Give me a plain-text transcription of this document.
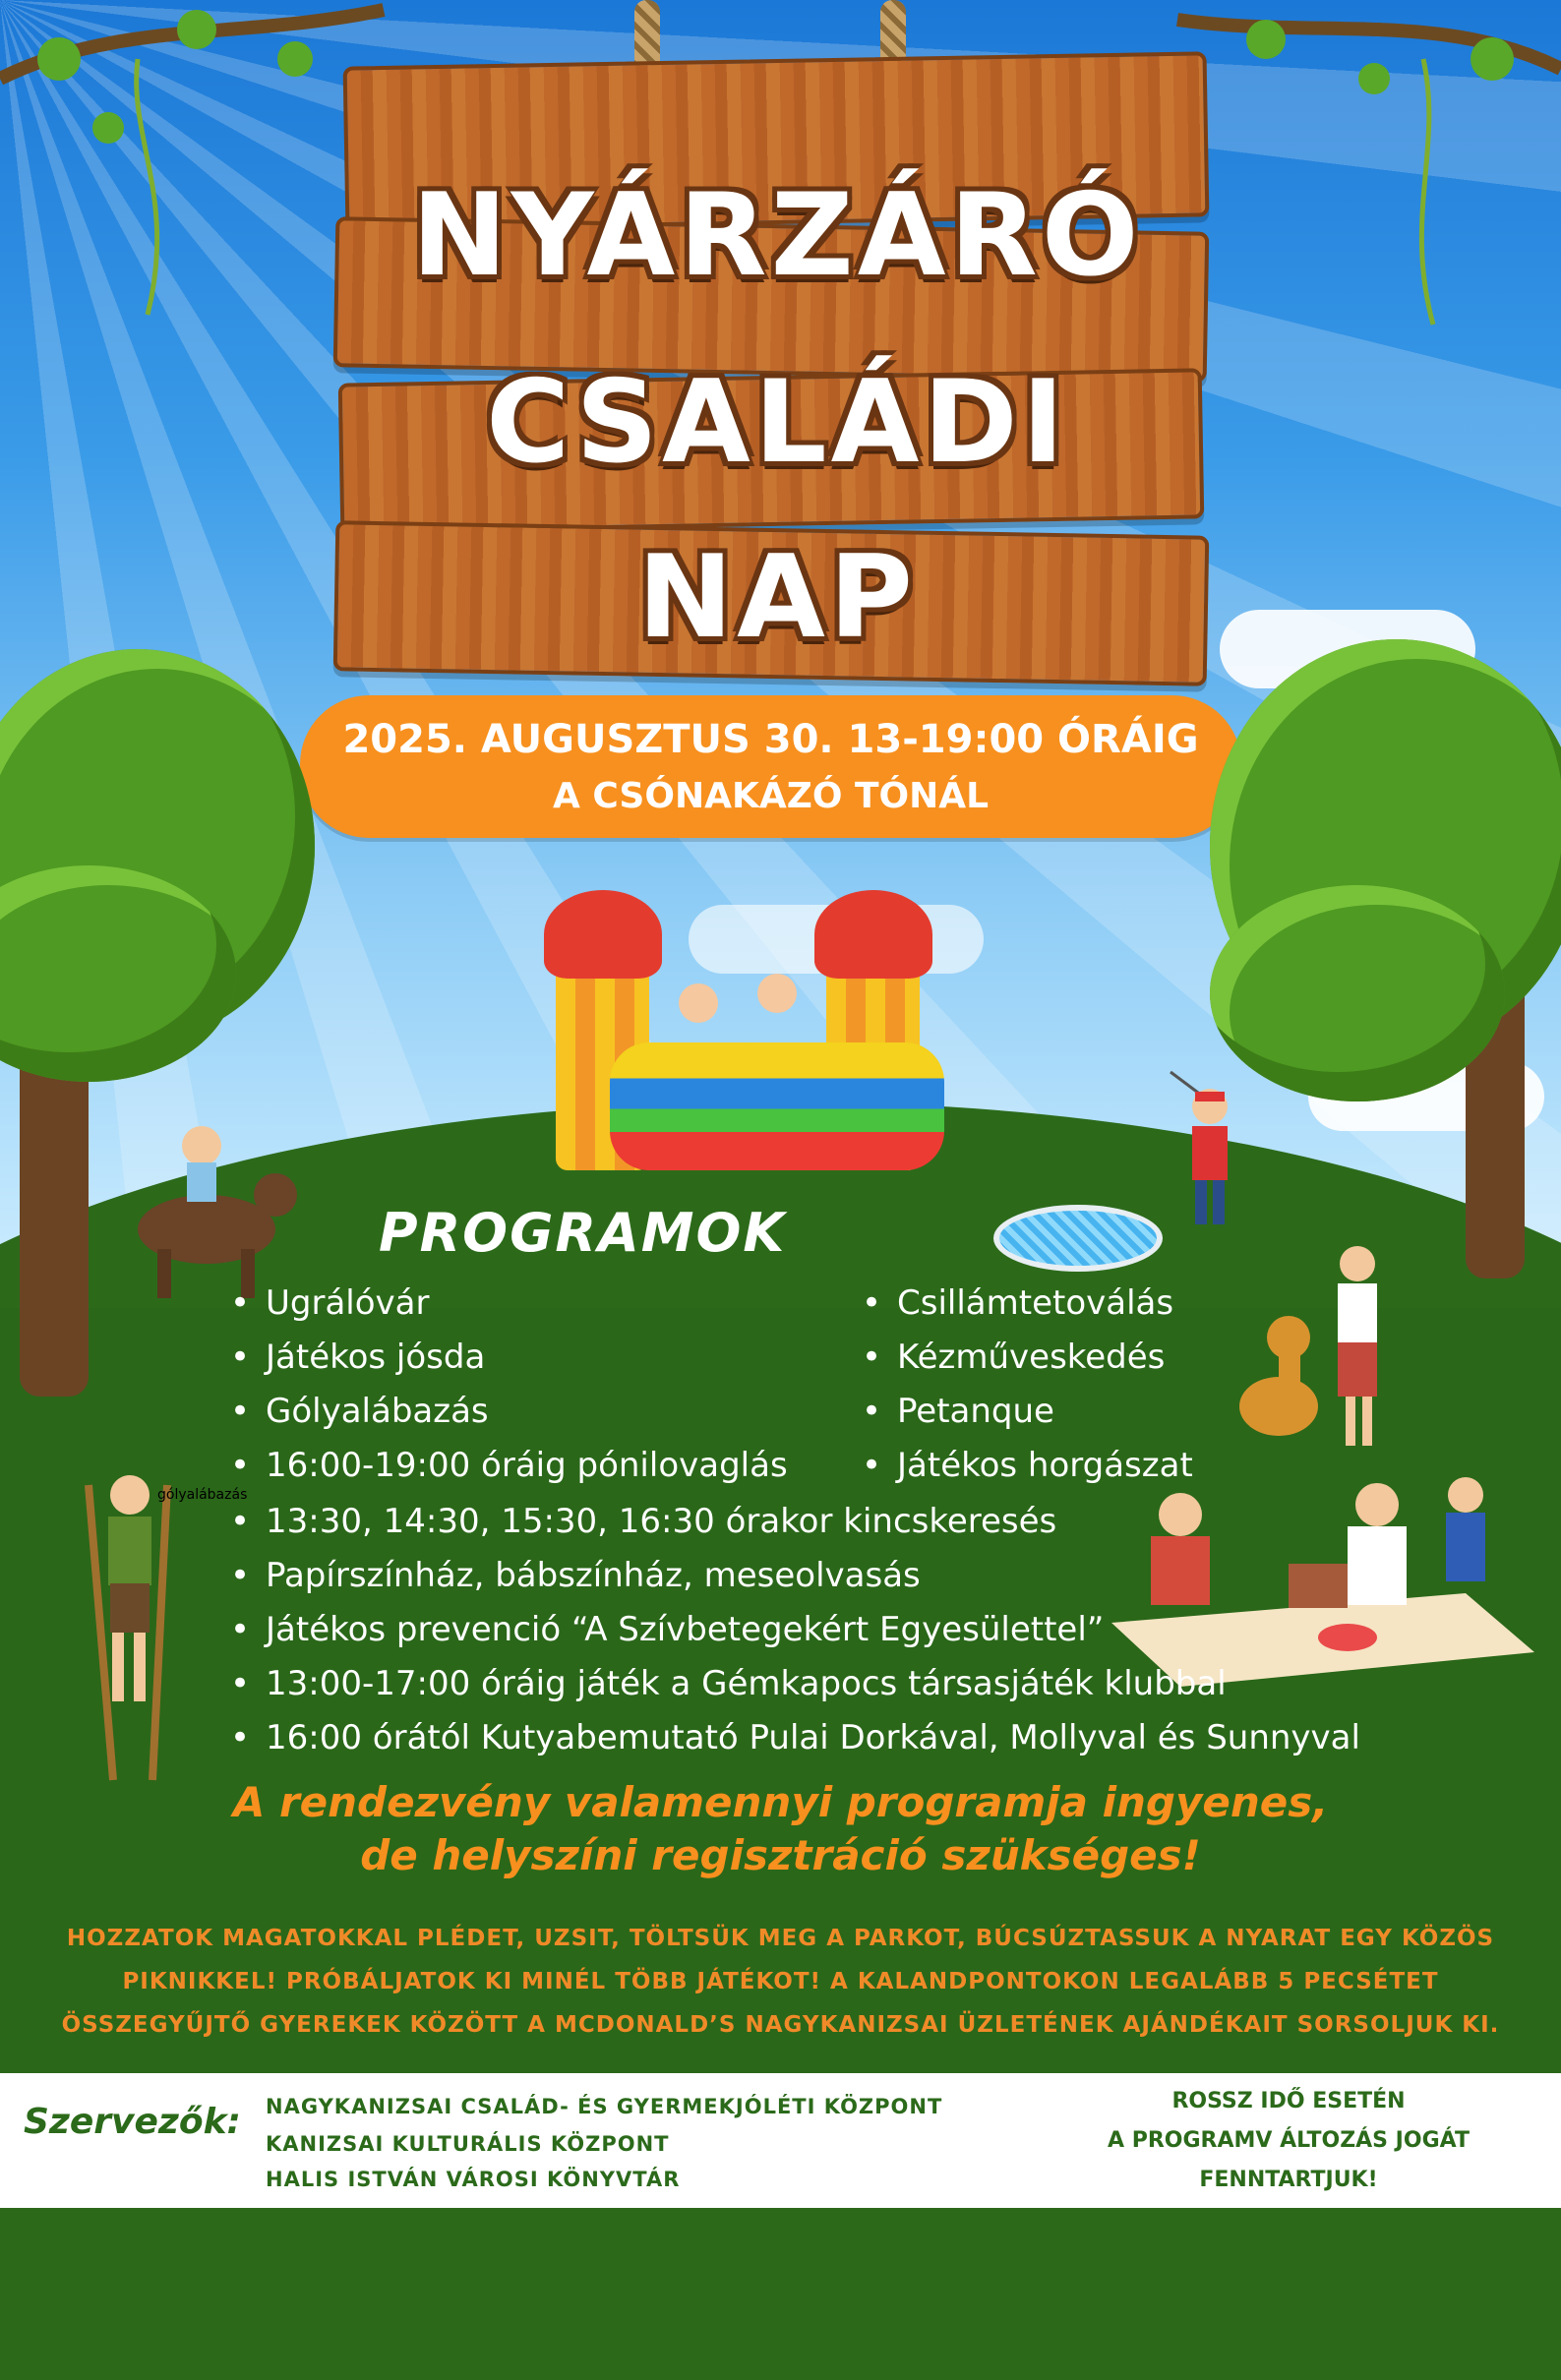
NYÁRZÁRÓ
CSALÁDI
NAP
2025. AUGUSZTUS 30. 13-19:00 ÓRÁIG
A CSÓNAKÁZÓ TÓNÁL
gólyalábazás
PROGRAMOK
• Ugrálóvár
• Játékos jósda
• Gólyalábazás
• 16:00-19:00 óráig pónilovaglás
• Csillámtetoválás
• Kézműveskedés
• Petanque
• Játékos horgászat
• 13:30, 14:30, 15:30, 16:30 órakor kincskeresés
• Papírszínház, bábszínház, meseolvasás
• Játékos prevenció “A Szívbetegekért Egyesülettel”
• 13:00-17:00 óráig játék a Gémkapocs társasjáték klubbal
• 16:00 órától Kutyabemutató Pulai Dorkával, Mollyval és Sunnyval
A rendezvény valamennyi programja ingyenes,
de helyszíni regisztráció szükséges!
HOZZATOK MAGATOKKAL PLÉDET, UZSIT, TÖLTSÜK MEG A PARKOT, BÚCSÚZTASSUK A NYARAT EGY KÖZÖS
PIKNIKKEL! PRÓBÁLJATOK KI MINÉL TÖBB JÁTÉKOT! A KALANDPONTOKON LEGALÁBB 5 PECSÉTET
ÖSSZEGYŰJTŐ GYEREKEK KÖZÖTT A MCDONALD’S NAGYKANIZSAI ÜZLETÉNEK AJÁNDÉKAIT SORSOLJUK KI.
Szervezők: NAGYKANIZSAI CSALÁD- ÉS GYERMEKJÓLÉTI KÖZPONT
KANIZSAI KULTURÁLIS KÖZPONT
HALIS ISTVÁN VÁROSI KÖNYVTÁR
ROSSZ IDŐ ESETÉN
A PROGRAMV ÁLTOZÁS JOGÁT
FENNTARTJUK!
